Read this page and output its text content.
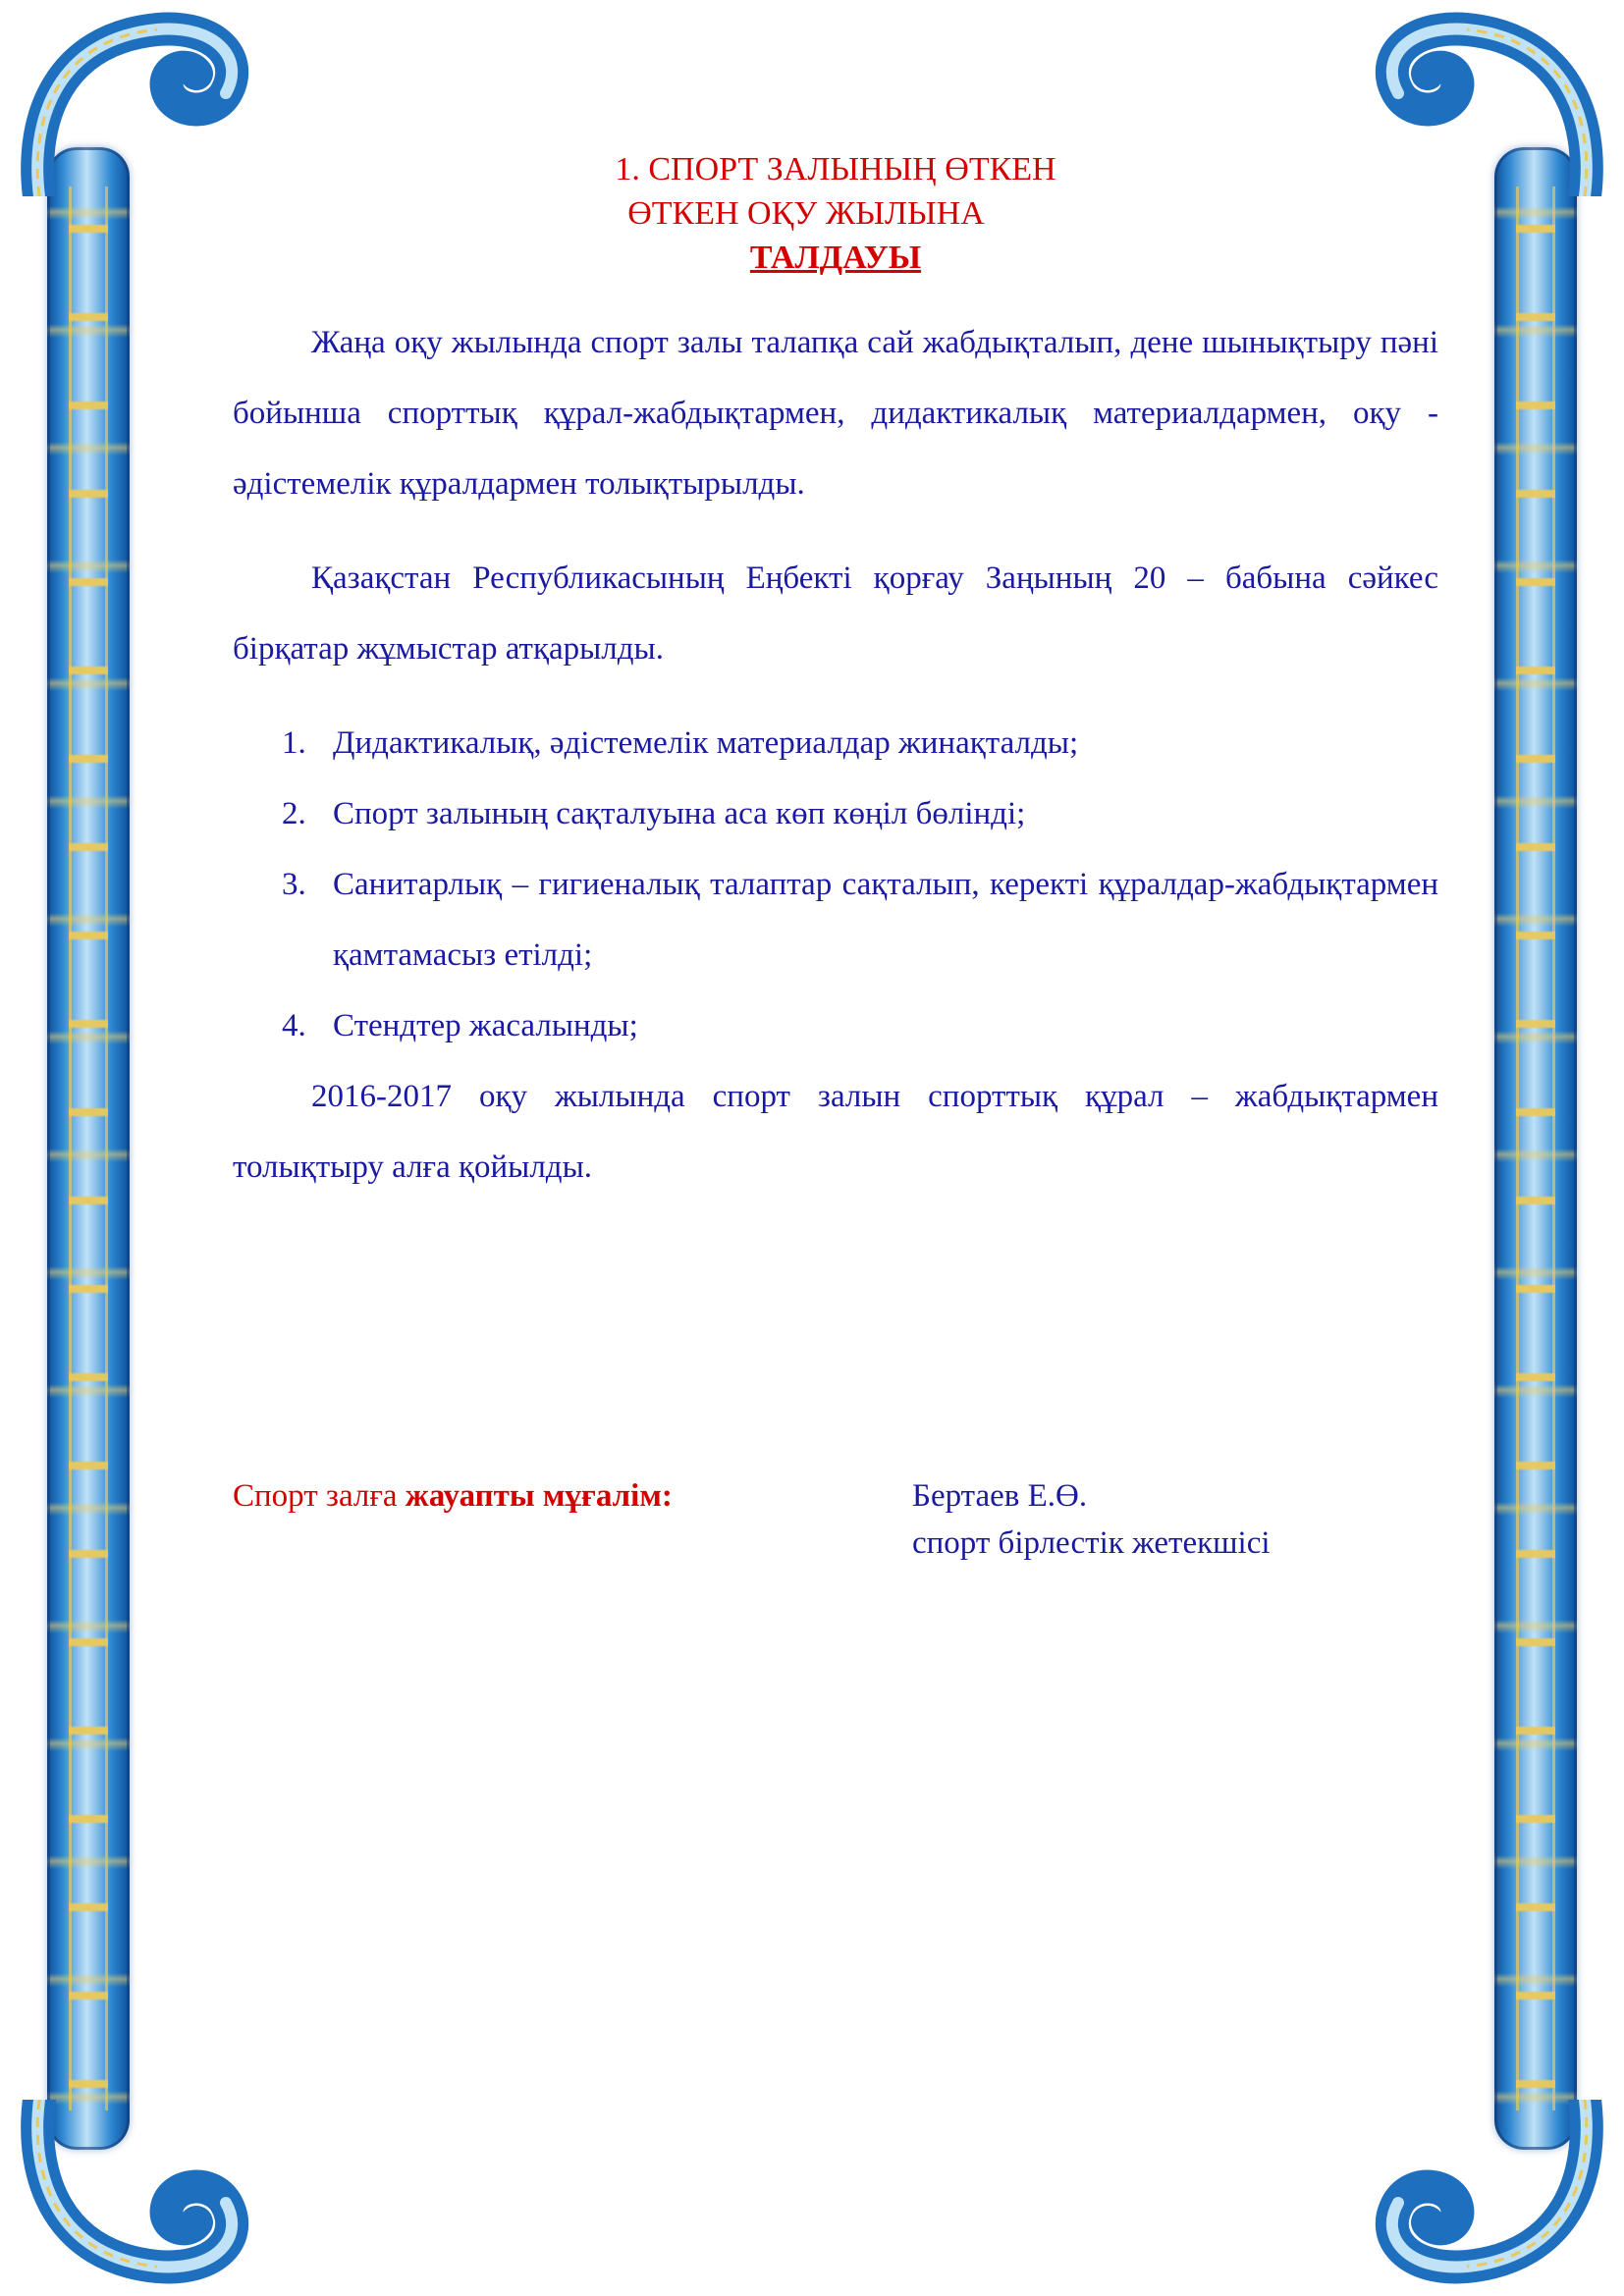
1. СПОРТ ЗАЛЫНЫҢ ӨТКЕН

ӨТКЕН ОҚУ ЖЫЛЫНА

ТАЛДАУЫ

Жаңа оқу жылында спорт залы талапқа сай жабдықталып, дене шынықтыру пәні бойынша спорттық құрал-жабдықтармен, дидактикалық материалдармен, оқу - әдістемелік құралдармен толықтырылды.

Қазақстан Республикасының Еңбекті қорғау Заңының 20 – бабына сәйкес бірқатар жұмыстар атқарылды.

1. Дидактикалық, әдістемелік материалдар жинақталды;
2. Спорт залының сақталуына аса көп көңіл бөлінді;
3. Санитарлық – гигиеналық талаптар сақталып, керекті құралдар-жабдықтармен қамтамасыз етілді;
4. Стендтер жасалынды;

2016-2017 оқу жылында спорт залын спорттық құрал – жабдықтармен толықтыру алға қойылды.

Спорт залға жауапты мұғалім:	Бертаев Е.Ө.
спорт бірлестік жетекшісі
